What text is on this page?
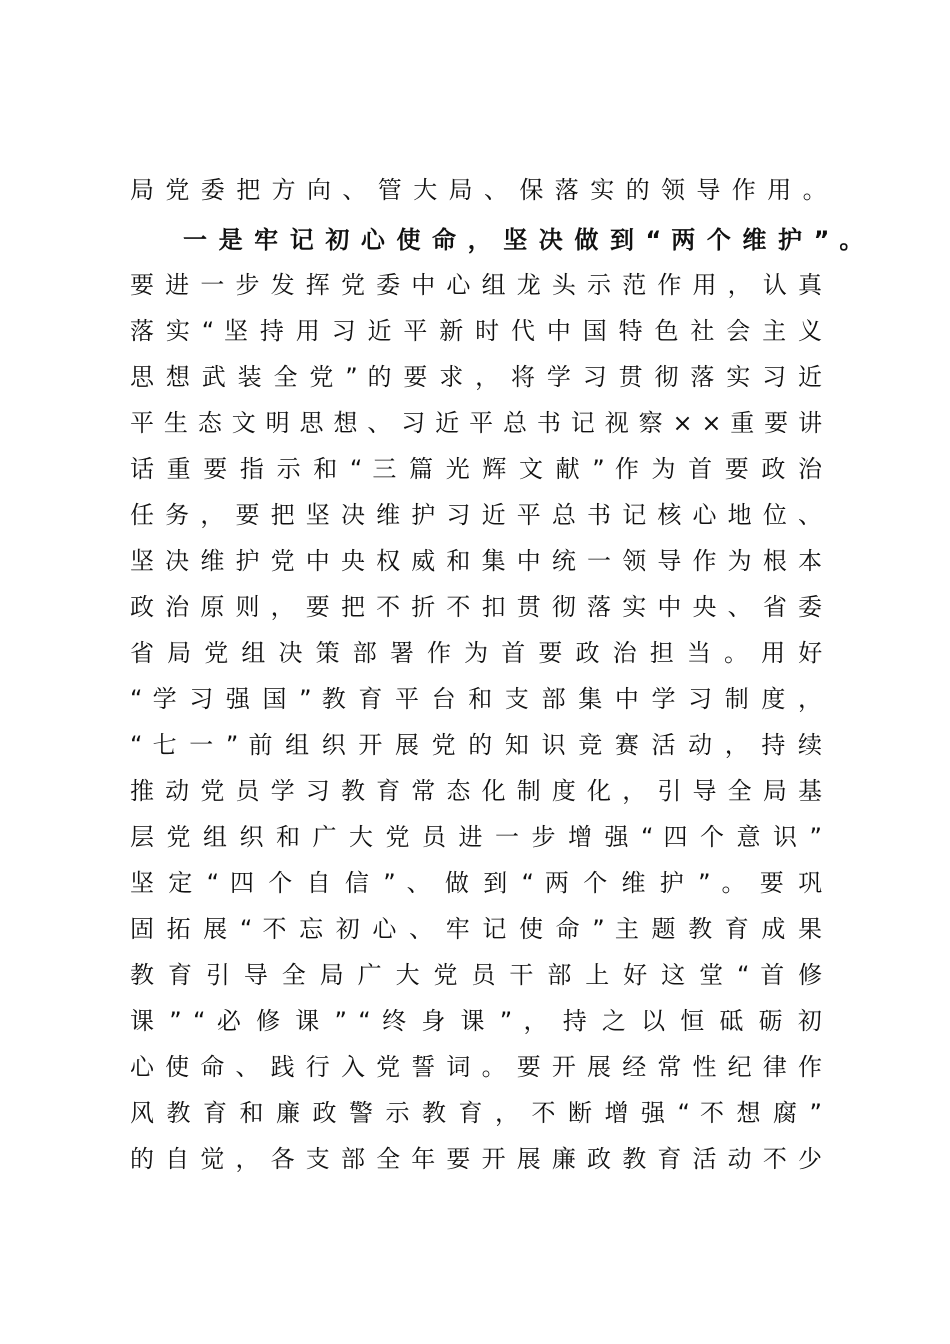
局党委把方向、管大局、保落实的领导作用。
一 是 牢 记 初 心 使 命 ， 坚 决 做 到 “ 两 个 维 护 ” 。
要 进 一 步 发 挥 党 委 中 心 组 龙 头 示 范 作 用 ， 认 真
落 实 “ 坚 持 用 习 近 平 新 时 代 中 国 特 色 社 会 主 义
思 想 武 装 全 党 ” 的 要 求 ， 将 学 习 贯 彻 落 实 习 近
平 生 态 文 明 思 想 、 习 近 平 总 书 记 视 察 × × 重 要 讲
话 重 要 指 示 和 “ 三 篇 光 辉 文 献 ” 作 为 首 要 政 治
任 务 ， 要 把 坚 决 维 护 习 近 平 总 书 记 核 心 地 位 、
坚 决 维 护 党 中 央 权 威 和 集 中 统 一 领 导 作 为 根 本
政 治 原 则 ， 要 把 不 折 不 扣 贯 彻 落 实 中 央 、 省 委
省 局 党 组 决 策 部 署 作 为 首 要 政 治 担 当 。 用 好
“ 学 习 强 国 ” 教 育 平 台 和 支 部 集 中 学 习 制 度 ，
“ 七 一 ” 前 组 织 开 展 党 的 知 识 竞 赛 活 动 ， 持 续
推 动 党 员 学 习 教 育 常 态 化 制 度 化 ， 引 导 全 局 基
层 党 组 织 和 广 大 党 员 进 一 步 增 强 “ 四 个 意 识 ”
坚 定 “ 四 个 自 信 ” 、 做 到 “ 两 个 维 护 ” 。 要 巩
固 拓 展 “ 不 忘 初 心 、 牢 记 使 命 ” 主 题 教 育 成 果
教 育 引 导 全 局 广 大 党 员 干 部 上 好 这 堂 “ 首 修
课 ” “ 必 修 课 ” “ 终 身 课 ” ， 持 之 以 恒 砥 砺 初
心 使 命 、 践 行 入 党 誓 词 。 要 开 展 经 常 性 纪 律 作
风 教 育 和 廉 政 警 示 教 育 ， 不 断 增 强 “ 不 想 腐 ”
的 自 觉 ， 各 支 部 全 年 要 开 展 廉 政 教 育 活 动 不 少
